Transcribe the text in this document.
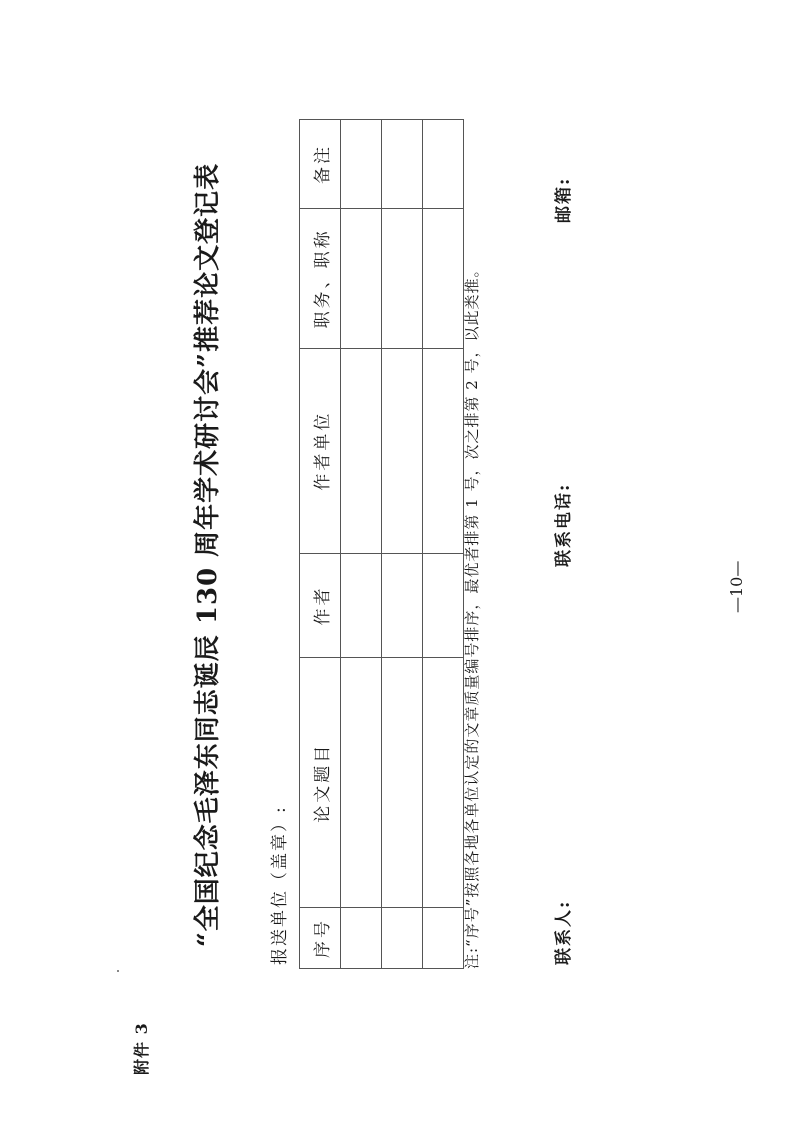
附件 3
“全国纪念毛泽东同志诞辰 130 周年学术研讨会”推荐论文登记表	报送单位（盖章）: 序号	论文题目	作者	作者单位	职务、职称	备注

注:“序号”按照各地各单位认定的文章质量编号排序，最优者排第 1 号，次之排第 2 号，以此类推。	联系人:
联系电话:
邮箱:
—10—
